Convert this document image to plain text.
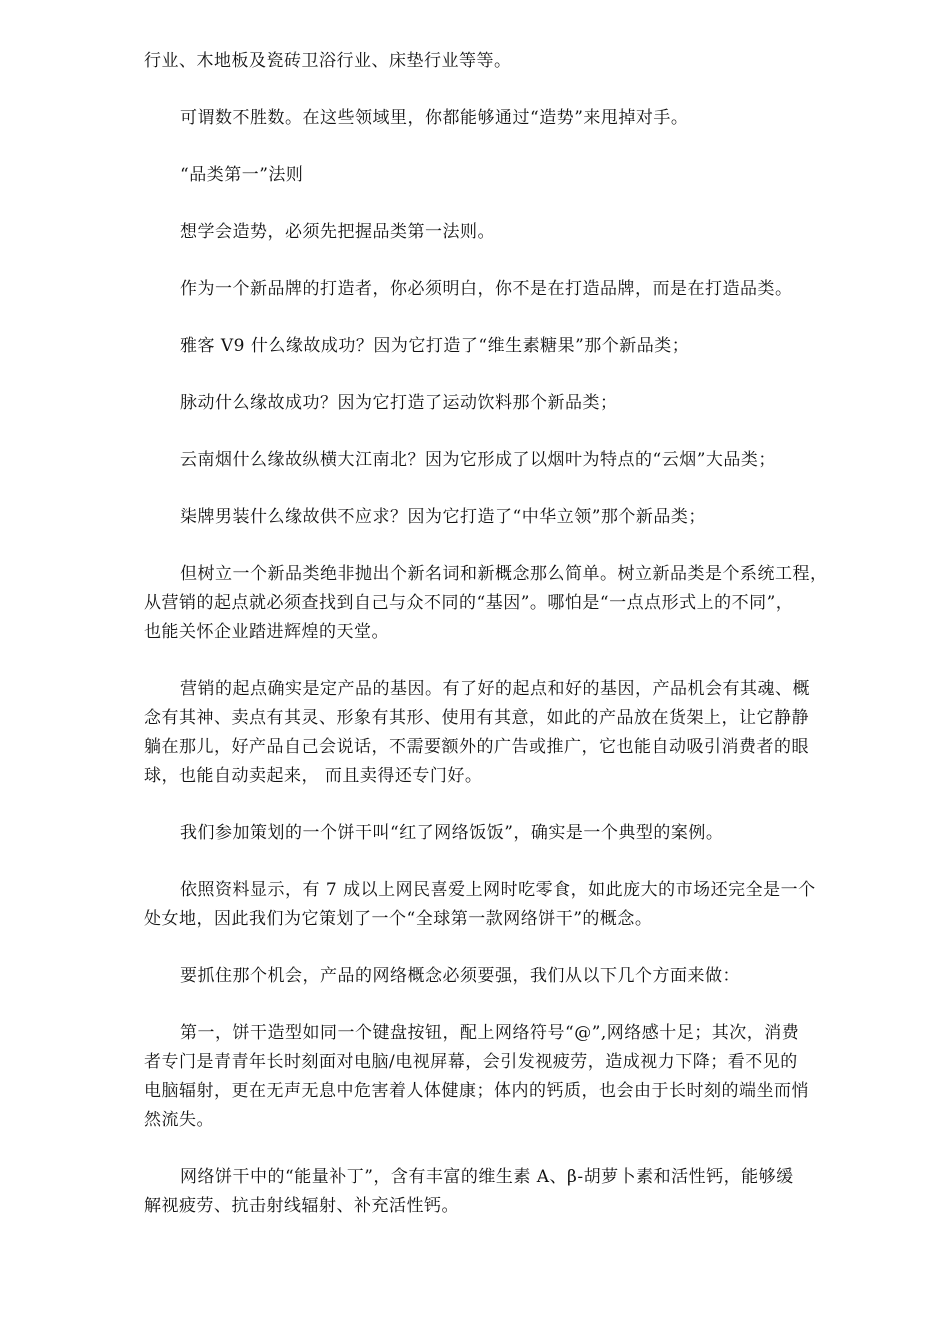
行业、木地板及瓷砖卫浴行业、床垫行业等等。

可谓数不胜数。在这些领域里，你都能够通过“造势”来甩掉对手。

“品类第一”法则

想学会造势，必须先把握品类第一法则。

作为一个新品牌的打造者，你必须明白，你不是在打造品牌，而是在打造品类。

雅客 V9 什么缘故成功？因为它打造了“维生素糖果”那个新品类；

脉动什么缘故成功？因为它打造了运动饮料那个新品类；

云南烟什么缘故纵横大江南北？因为它形成了以烟叶为特点的“云烟”大品类；

柒牌男装什么缘故供不应求？因为它打造了“中华立领”那个新品类；

但树立一个新品类绝非抛出个新名词和新概念那么简单。树立新品类是个系统工程，
从营销的起点就必须查找到自己与众不同的“基因”。哪怕是“一点点形式上的不同”，
也能关怀企业踏进辉煌的天堂。

营销的起点确实是定产品的基因。有了好的起点和好的基因，产品机会有其魂、概
念有其神、卖点有其灵、形象有其形、使用有其意，如此的产品放在货架上，让它静静
躺在那儿，好产品自己会说话，不需要额外的广告或推广，它也能自动吸引消费者的眼
球，也能自动卖起来， 而且卖得还专门好。

我们参加策划的一个饼干叫“红了网络饭饭”，确实是一个典型的案例。

依照资料显示，有 7 成以上网民喜爱上网时吃零食，如此庞大的市场还完全是一个
处女地，因此我们为它策划了一个“全球第一款网络饼干”的概念。

要抓住那个机会，产品的网络概念必须要强，我们从以下几个方面来做：

第一，饼干造型如同一个键盘按钮，配上网络符号“@”,网络感十足；其次，消费
者专门是青青年长时刻面对电脑/电视屏幕，会引发视疲劳，造成视力下降；看不见的
电脑辐射，更在无声无息中危害着人体健康；体内的钙质，也会由于长时刻的端坐而悄
然流失。

网络饼干中的“能量补丁”，含有丰富的维生素 A、β-胡萝卜素和活性钙，能够缓
解视疲劳、抗击射线辐射、补充活性钙。
